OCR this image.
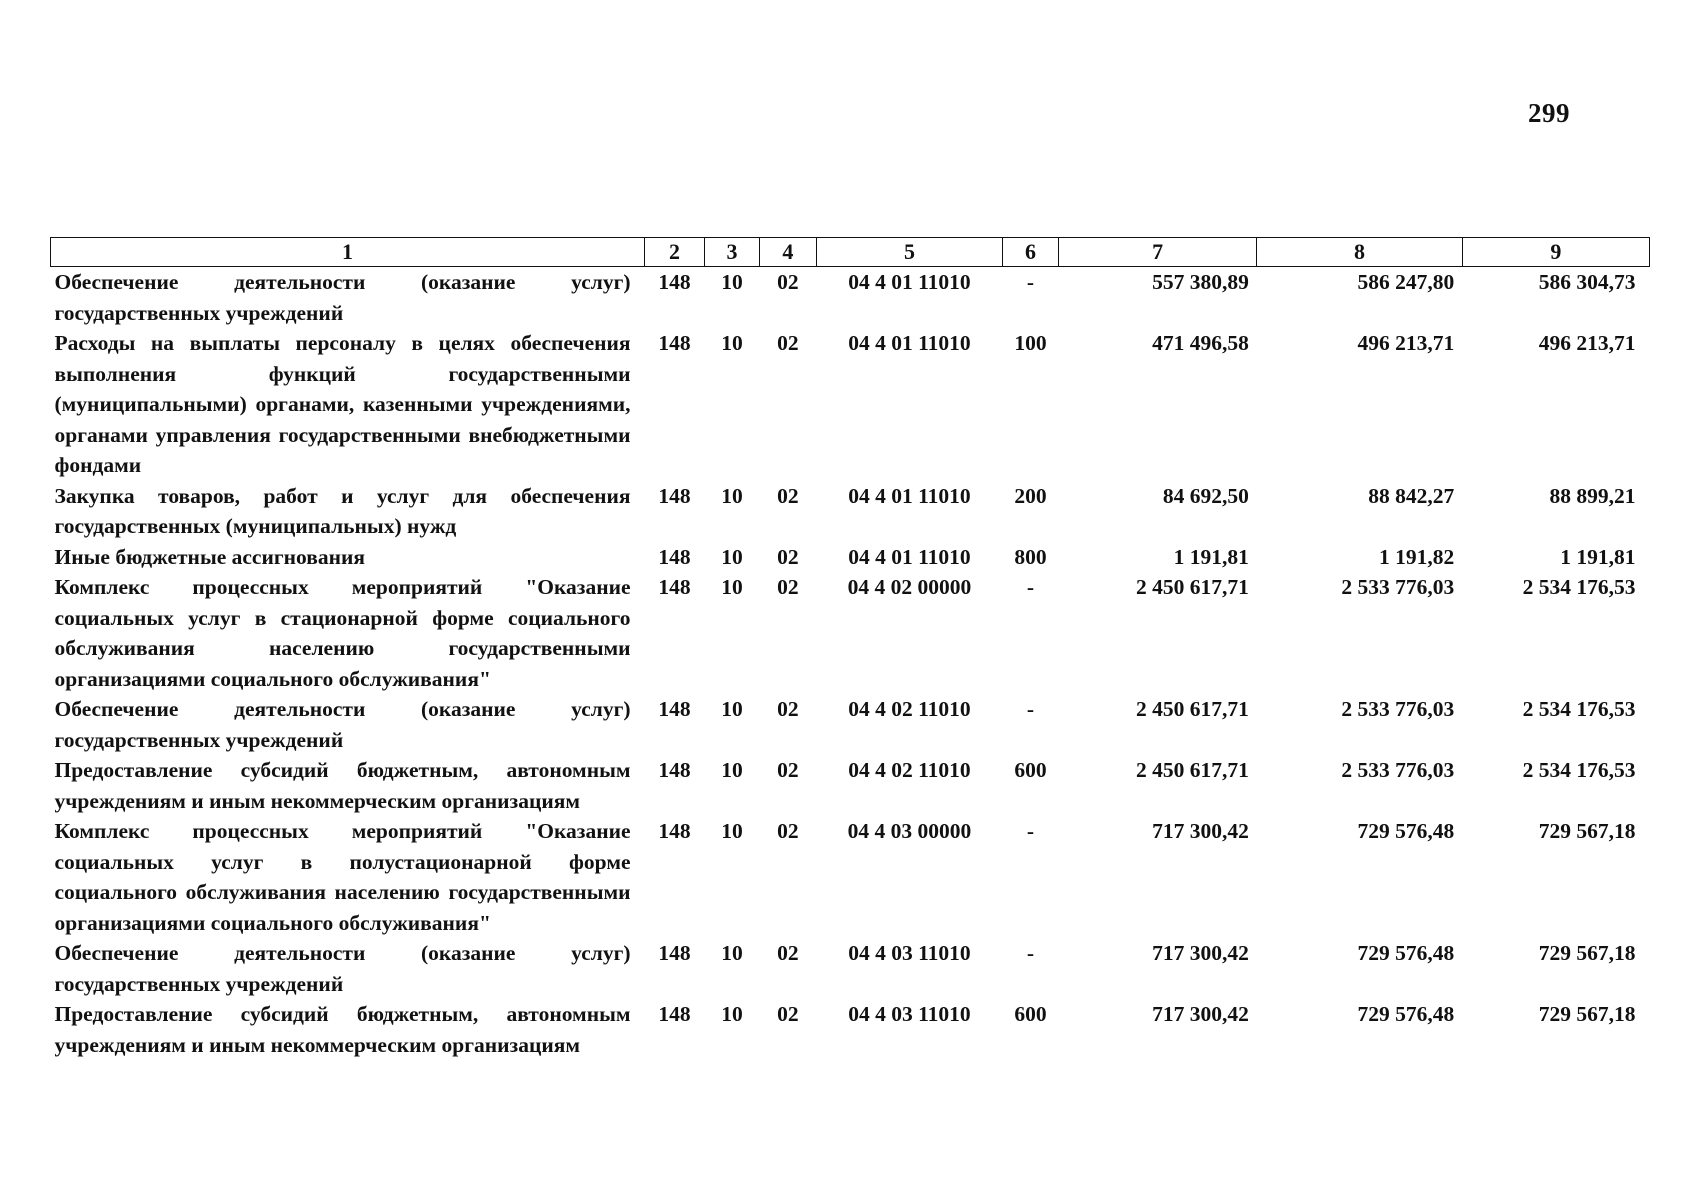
299
1	2	3	4	5	6	7	8	9
Обеспечение деятельности (оказание услуг) государственных учреждений	148	10	02	04 4 01 11010	-	557 380,89	586 247,80	586 304,73
Расходы на выплаты персоналу в целях обеспечения выполнения функций государственными (муниципальными) органами, казенными учреждениями, органами управления государственными внебюджетными фондами	148	10	02	04 4 01 11010	100	471 496,58	496 213,71	496 213,71
Закупка товаров, работ и услуг для обеспечения государственных (муниципальных) нужд	148	10	02	04 4 01 11010	200	84 692,50	88 842,27	88 899,21
Иные бюджетные ассигнования	148	10	02	04 4 01 11010	800	1 191,81	1 191,82	1 191,81
Комплекс процессных мероприятий "Оказание социальных услуг в стационарной форме социального обслуживания населению государственными организациями социального обслуживания"	148	10	02	04 4 02 00000	-	2 450 617,71	2 533 776,03	2 534 176,53
Обеспечение деятельности (оказание услуг) государственных учреждений	148	10	02	04 4 02 11010	-	2 450 617,71	2 533 776,03	2 534 176,53
Предоставление субсидий бюджетным, автономным учреждениям и иным некоммерческим организациям	148	10	02	04 4 02 11010	600	2 450 617,71	2 533 776,03	2 534 176,53
Комплекс процессных мероприятий "Оказание социальных услуг в полустационарной форме социального обслуживания населению государственными организациями социального обслуживания"	148	10	02	04 4 03 00000	-	717 300,42	729 576,48	729 567,18
Обеспечение деятельности (оказание услуг) государственных учреждений	148	10	02	04 4 03 11010	-	717 300,42	729 576,48	729 567,18
Предоставление субсидий бюджетным, автономным учреждениям и иным некоммерческим организациям	148	10	02	04 4 03 11010	600	717 300,42	729 576,48	729 567,18
